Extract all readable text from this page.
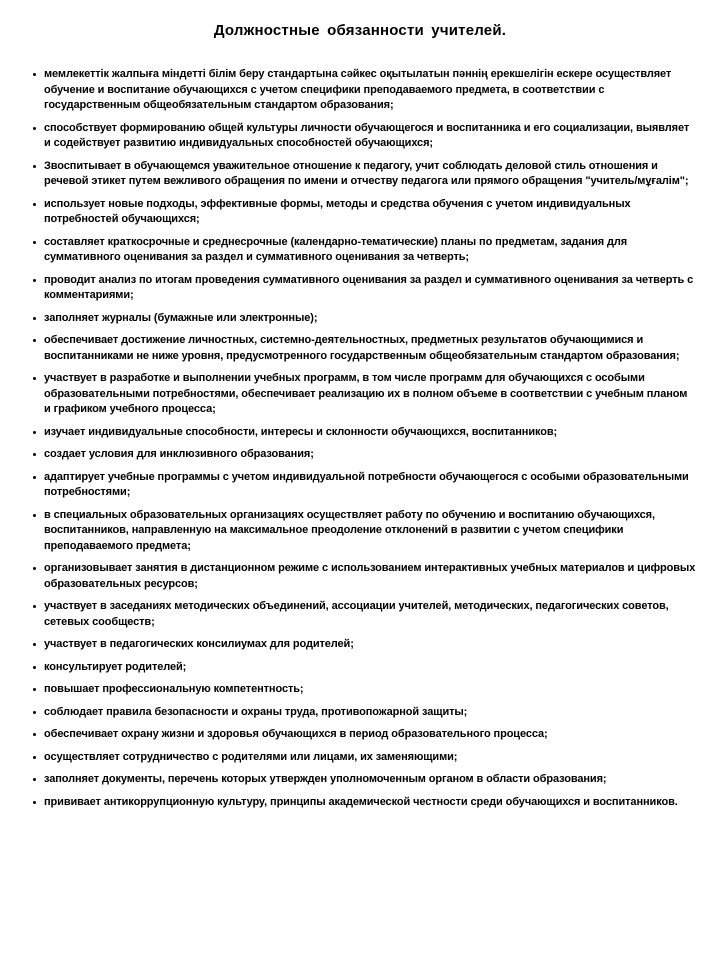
Должностные обязанности учителей.
мемлекеттік жалпыға міндетті білім беру стандартына сәйкес оқытылатын пәннің ерекшелігін ескере осуществляет обучение и воспитание обучающихся с учетом специфики преподаваемого предмета, в соответствии с государственным общеобязательным стандартом образования;
способствует формированию общей культуры личности обучающегося и воспитанника и его социализации, выявляет и содействует развитию индивидуальных способностей обучающихся;
Звоспитывает в обучающемся уважительное отношение к педагогу, учит соблюдать деловой стиль отношения и речевой этикет путем вежливого обращения по имени и отчеству педагога или прямого обращения "учитель/мұғалім";
использует новые подходы, эффективные формы, методы и средства обучения с учетом индивидуальных потребностей обучающихся;
составляет краткосрочные и среднесрочные (календарно-тематические) планы по предметам, задания для суммативного оценивания за раздел и суммативного оценивания за четверть;
проводит анализ по итогам проведения суммативного оценивания за раздел и суммативного оценивания за четверть с комментариями;
заполняет журналы (бумажные или электронные);
обеспечивает достижение личностных, системно-деятельностных, предметных результатов обучающимися и воспитанниками не ниже уровня, предусмотренного государственным общеобязательным стандартом образования;
участвует в разработке и выполнении учебных программ, в том числе программ для обучающихся с особыми образовательными потребностями, обеспечивает реализацию их в полном объеме в соответствии с учебным планом и графиком учебного процесса;
изучает индивидуальные способности, интересы и склонности обучающихся, воспитанников;
создает условия для инклюзивного образования;
адаптирует учебные программы с учетом индивидуальной потребности обучающегося с особыми образовательными потребностями;
в специальных образовательных организациях осуществляет работу по обучению и воспитанию обучающихся, воспитанников, направленную на максимальное преодоление отклонений в развитии с учетом специфики преподаваемого предмета;
организовывает занятия в дистанционном режиме с использованием интерактивных учебных материалов и цифровых образовательных ресурсов;
участвует в заседаниях методических объединений, ассоциации учителей, методических, педагогических советов, сетевых сообществ;
участвует в педагогических консилиумах для родителей;
консультирует родителей;
повышает профессиональную компетентность;
соблюдает правила безопасности и охраны труда, противопожарной защиты;
обеспечивает охрану жизни и здоровья обучающихся в период образовательного процесса;
осуществляет сотрудничество с родителями или лицами, их заменяющими;
заполняет документы, перечень которых утвержден уполномоченным органом в области образования;
прививает антикоррупционную культуру, принципы академической честности среди обучающихся и воспитанников.
